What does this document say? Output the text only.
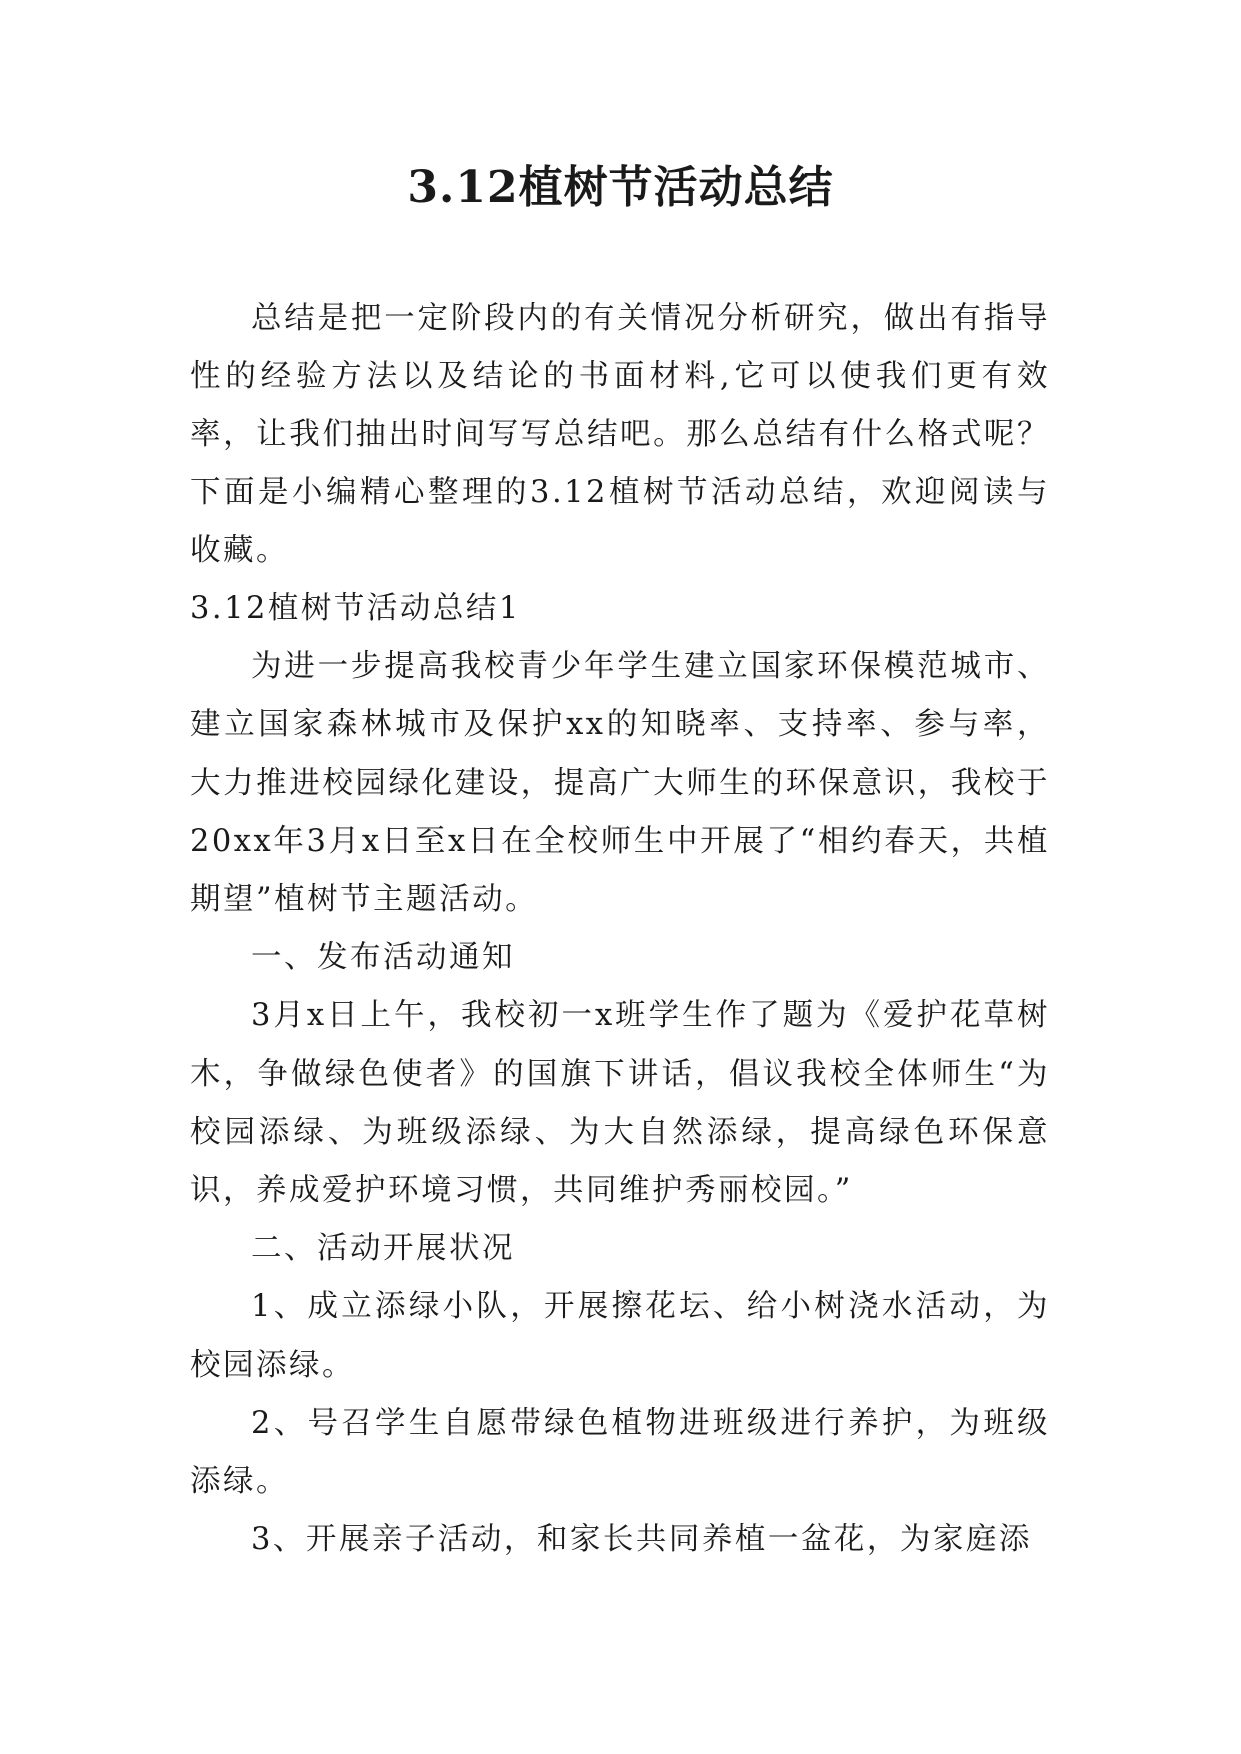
3.12植树节活动总结

总结是把一定阶段内的有关情况分析研究，做出有指导性的经验方法以及结论的书面材料,它可以使我们更有效率，让我们抽出时间写写总结吧。那么总结有什么格式呢？下面是小编精心整理的3.12植树节活动总结，欢迎阅读与收藏。

3.12植树节活动总结1

为进一步提高我校青少年学生建立国家环保模范城市、建立国家森林城市及保护xx的知晓率、支持率、参与率，大力推进校园绿化建设，提高广大师生的环保意识，我校于20xx年3月x日至x日在全校师生中开展了“相约春天，共植期望”植树节主题活动。

一、发布活动通知

3月x日上午，我校初一x班学生作了题为《爱护花草树木，争做绿色使者》的国旗下讲话，倡议我校全体师生“为校园添绿、为班级添绿、为大自然添绿，提高绿色环保意识，养成爱护环境习惯，共同维护秀丽校园。”

二、活动开展状况

1、成立添绿小队，开展擦花坛、给小树浇水活动，为校园添绿。

2、号召学生自愿带绿色植物进班级进行养护，为班级添绿。

3、开展亲子活动，和家长共同养植一盆花，为家庭添
